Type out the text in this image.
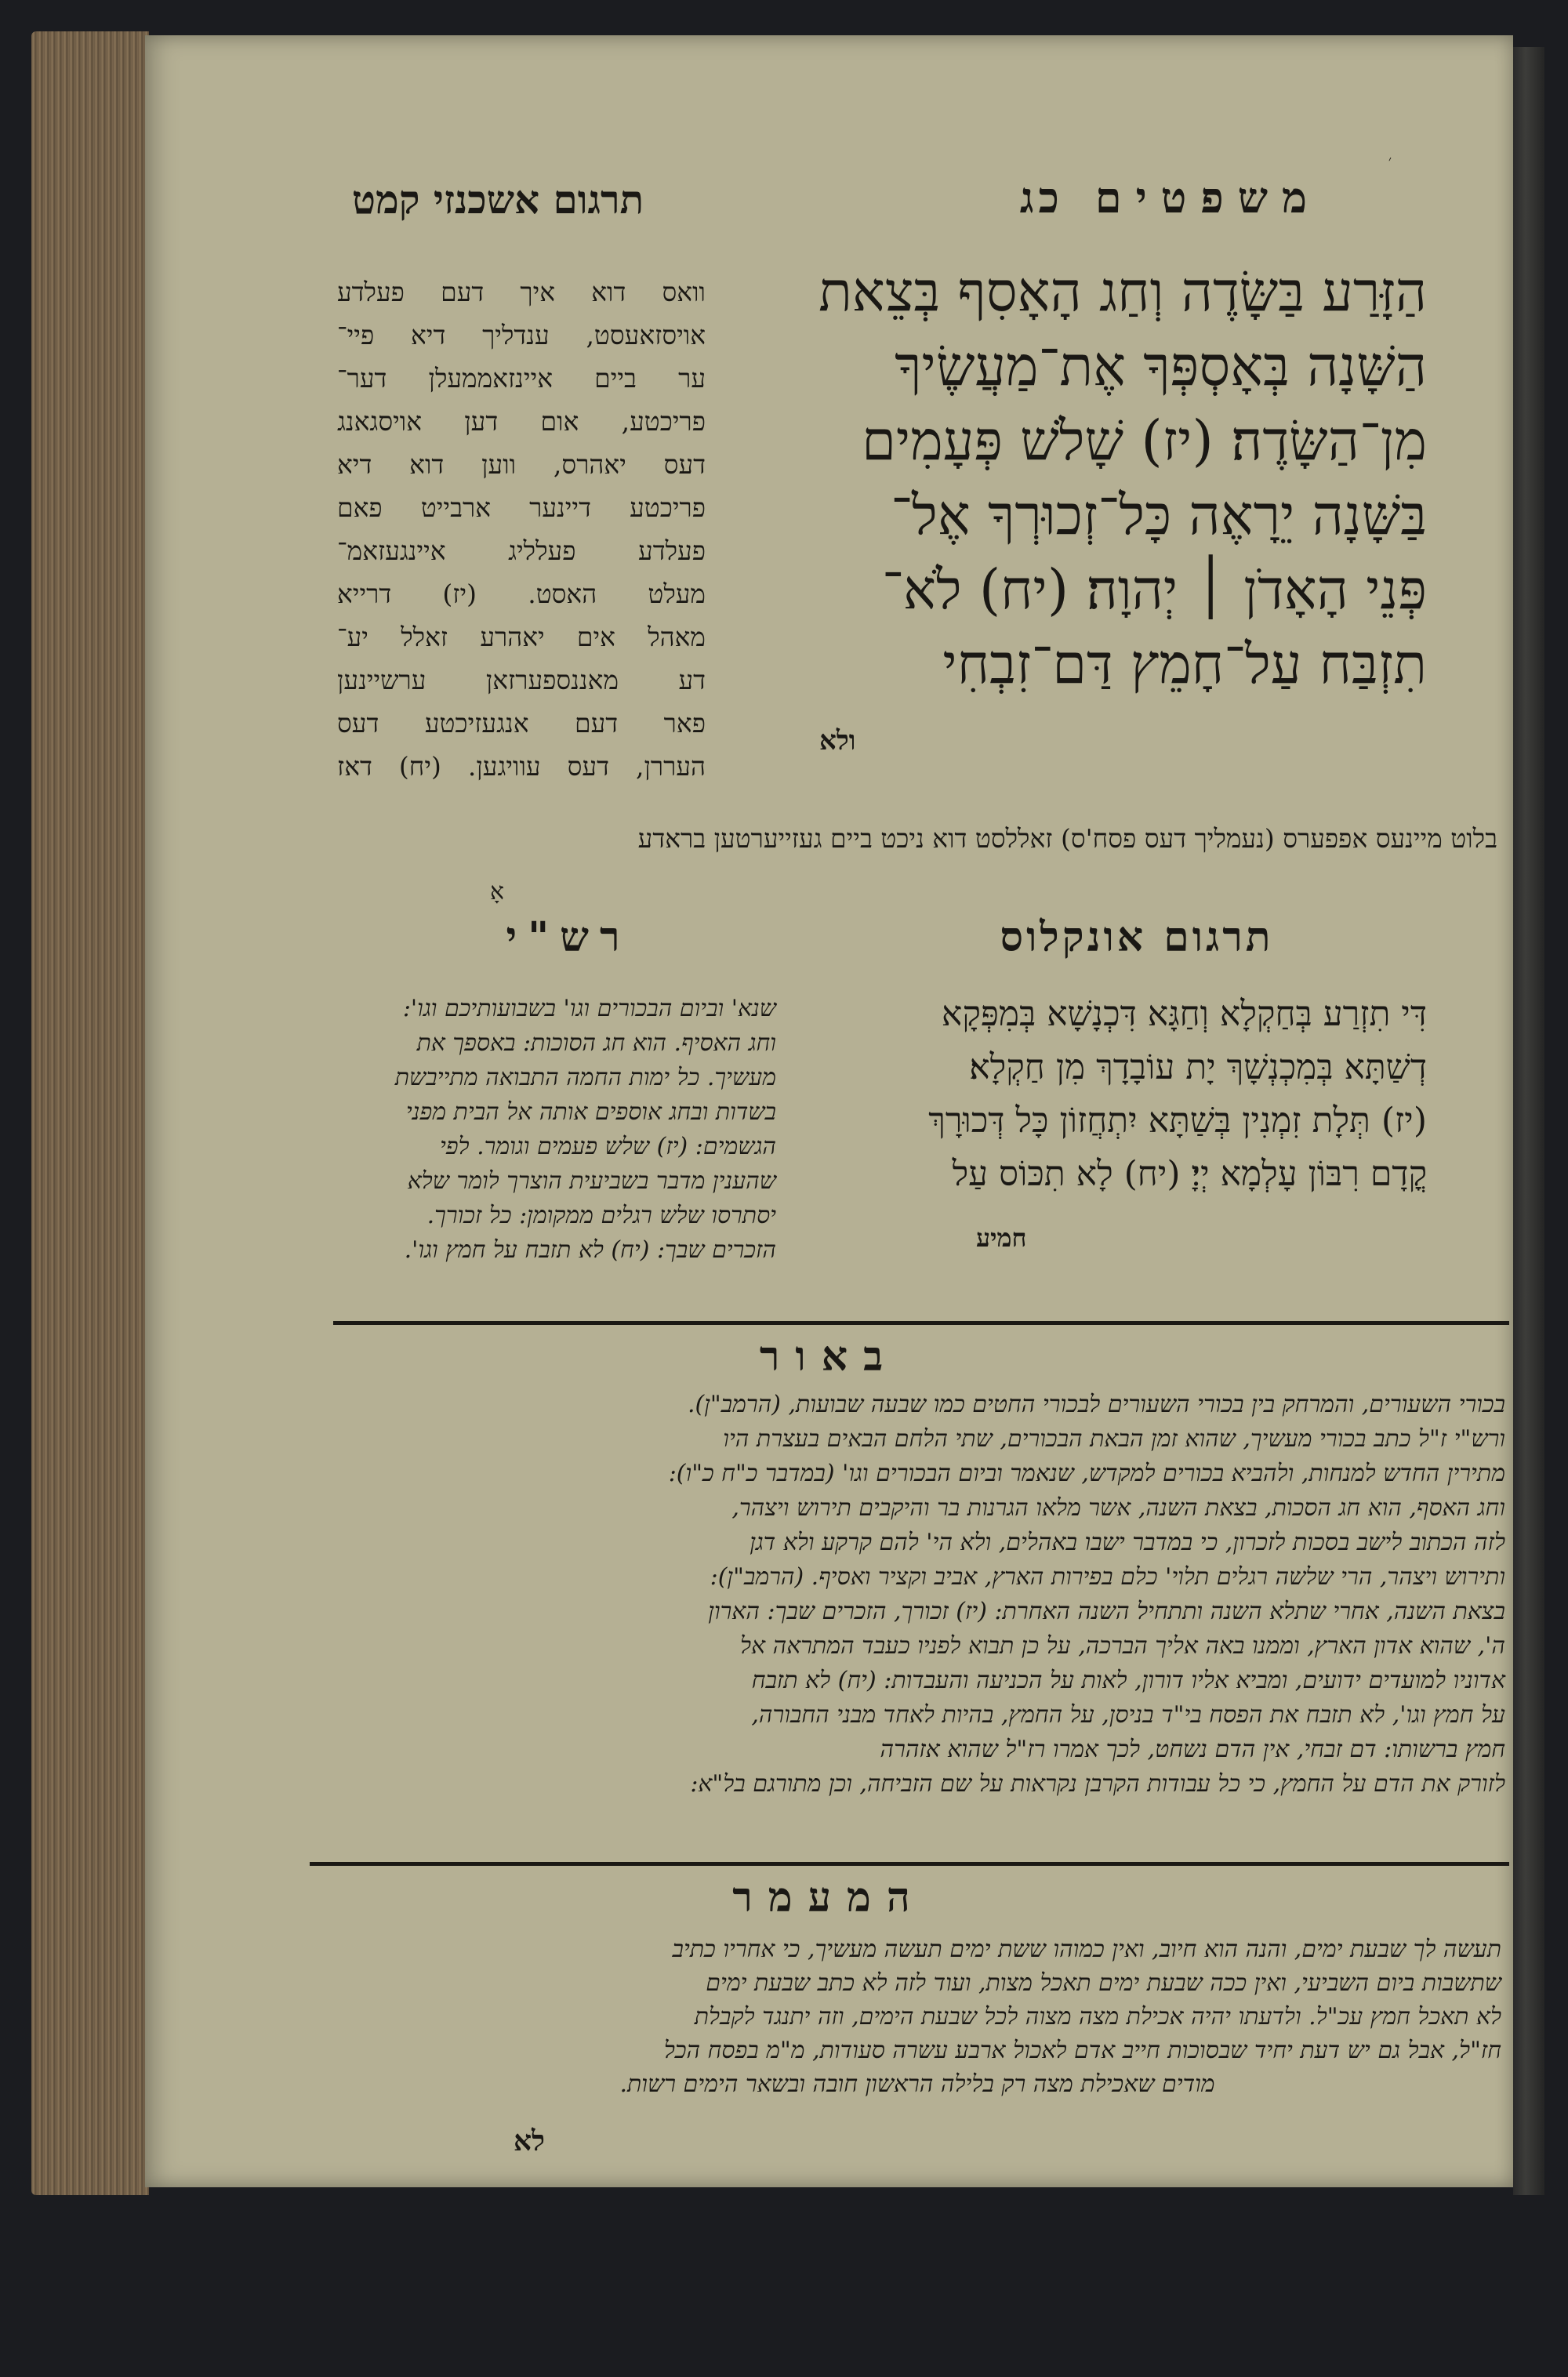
׳
משפטיםכג
תרגום אשכנזי קמט
הַזָּרַע בַּשָּׂדֶה וְחַג הָאָסִף בְּצֵאת
הַשָּׁנָה בְּאָסְפְּךָ אֶת־מַעֲשֶׂיךָ
מִן־הַשָּׂדֶה׃ (יז) שָׁלֹשׁ פְּעָמִים
בַּשָּׁנָה יֵרָאֶה כָּל־זְכוּרְךָ אֶל־
פְּנֵי הָאָדֹן ׀ יְהוָה׃ (יח) לֹא־
תִזְבַּח עַל־חָמֵץ דַּם־זִבְחִי
ולא
וואס דוא איך דעם פעלדע
אויסזאעסט, ענדליך דיא פיי־
ער ביים איינזאממעלן דער־
פריכטע, אום דען אויסגאנג
דעס יאהרס, ווען דוא דיא
פריכטע דיינער ארבייט פאם
פעלדע פעלליג איינגעזאמ־
מעלט האסט. (יז) דרייא
מאהל אים יאהרע זאלל יע־
דע מאננספערזאן ערשיינען
פאר דעם אנגעזיכטע דעס
העררן, דעס עוויגען. (יח) דאז
בלוט מיינעס אפפערס (נעמליך דעס פסח'ס) זאללסט דוא ניכט ביים געזייערטען בראדע
אָ
תרגום אונקלוס
דִּי תִזְרַע בְּחַקְלָא וְחַגָּא דִּכְנָשָׁא בְּמִפְּקָא
דְשַׁתָּא בְּמִכְנְשָׁךְ יָת עוֹבָדָךְ מִן חַקְלָא׃
(יז) תְּלָת זִמְנִין בְּשַׁתָּא יִתְחֲזוֹן כָּל דְּכוּרָךְ
קֳדָם רִבּוֹן עָלְמָא יְיָ׃ (יח) לָא תִכּוֹס עַל
חמיע
רש"י
שנא' וביום הבכורים וגו' בשבועותיכם וגו':
וחג האסיף. הוא חג הסוכות: באספך את
מעשיך. כל ימות החמה התבואה מתייבשת
בשדות ובחג אוספים אותה אל הבית מפני
הגשמים: (יז) שלש פעמים וגומר. לפי
שהענין מדבר בשביעית הוצרך לומר שלא
יסתרסו שלש רגלים ממקומן: כל זכורך.
הזכרים שבך: (יח) לא תזבח על חמץ וגו'.
באור
בכורי השעורים, והמרחק בין בכורי השעורים לבכורי החטים כמו שבעה שבועות, (הרמב"ן).
ורש"י ז"ל כתב בכורי מעשיך, שהוא זמן הבאת הבכורים, שתי הלחם הבאים בעצרת היו
מתירין החדש למנחות, ולהביא בכורים למקדש, שנאמר וביום הבכורים וגו' (במדבר כ"ח כ"ו):
וחג האסף, הוא חג הסכות, בצאת השנה, אשר מלאו הגרנות בר והיקבים תירוש ויצהר,
לזה הכתוב לישב בסכות לזכרון, כי במדבר ישבו באהלים, ולא הי' להם קרקע ולא דגן
ותירוש ויצהר, הרי שלשה רגלים תלוי' כלם בפירות הארץ, אביב וקציר ואסיף. (הרמב"ן):
בצאת השנה, אחרי שתלא השנה ותתחיל השנה האחרת: (יז) זכורך, הזכרים שבך: הארון
ה', שהוא אדון הארץ, וממנו באה אליך הברכה, על כן תבוא לפניו כעבד המתראה אל
אדוניו למועדים ידועים, ומביא אליו דורון, לאות על הכניעה והעבדות: (יח) לא תזבח
על חמץ וגו', לא תזבח את הפסח בי"ד בניסן, על החמץ, בהיות לאחד מבני החבורה,
חמץ ברשותו: דם זבחי, אין הדם נשחט, לכך אמרו רז"ל שהוא אזהרה
לזורק את הדם על החמץ, כי כל עבודות הקרבן נקראות על שם הזביחה, וכן מתורגם בל"א:
המעמר
תעשה לך שבעת ימים, והנה הוא חיוב, ואין כמוהו ששת ימים תעשה מעשיך, כי אחריו כתיב
שתשבות ביום השביעי, ואין ככה שבעת ימים תאכל מצות, ועוד לזה לא כתב שבעת ימים
לא תאכל חמץ עכ"ל. ולדעתו יהיה אכילת מצה מצוה לכל שבעת הימים, וזה יתנגד לקבלת
חז"ל, אבל גם יש דעת יחיד שבסוכות חייב אדם לאכול ארבע עשרה סעודות, מ"מ בפסח הכל
מודים שאכילת מצה רק בלילה הראשון חובה ובשאר הימים רשות.
לא
